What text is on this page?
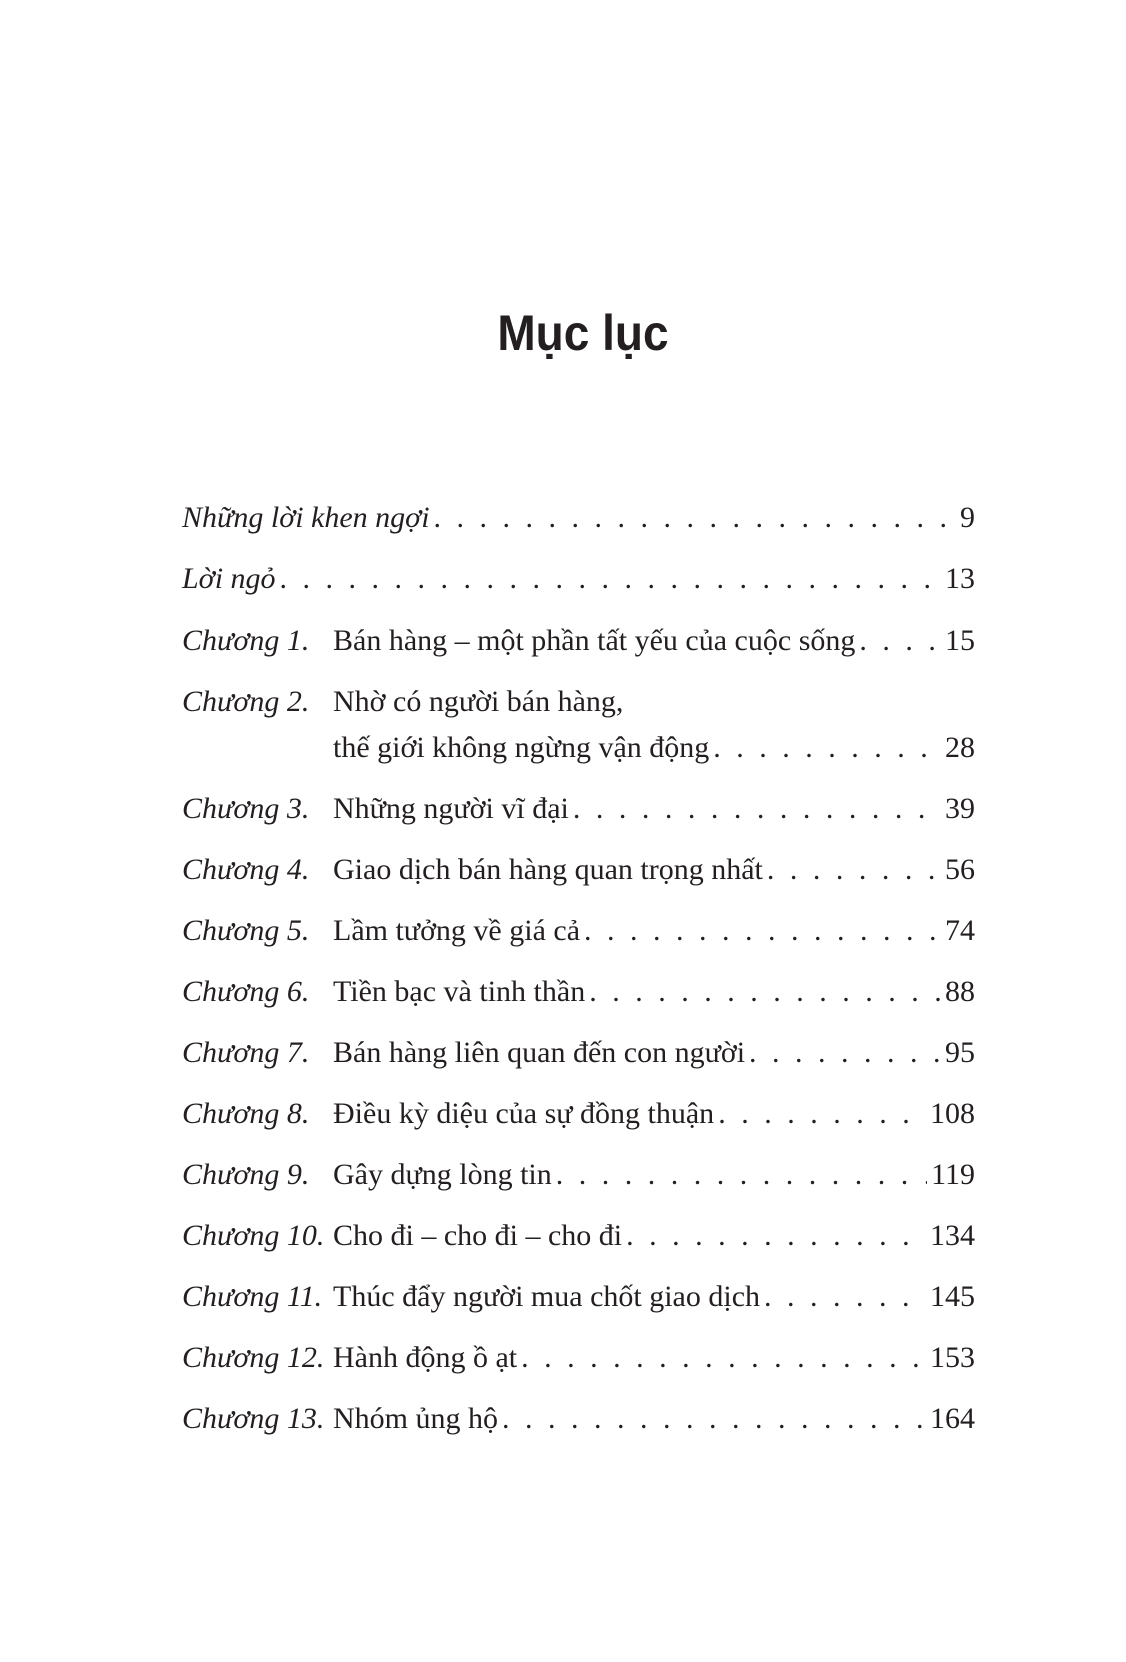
Mục lục
Những lời khen ngợi . . .	9
Lời ngỏ . . .	13
Chương 1. Bán hàng – một phần tất yếu của cuộc sống . . .	15
Chương 2. Nhờ có người bán hàng,
thế giới không ngừng vận động . . .	28
Chương 3. Những người vĩ đại . . .	39
Chương 4. Giao dịch bán hàng quan trọng nhất . . .	56
Chương 5. Lầm tưởng về giá cả . . .	74
Chương 6. Tiền bạc và tinh thần . . .	88
Chương 7. Bán hàng liên quan đến con người . . .	95
Chương 8. Điều kỳ diệu của sự đồng thuận . . .	108
Chương 9. Gây dựng lòng tin . . .	119
Chương 10. Cho đi – cho đi – cho đi . . .	134
Chương 11. Thúc đẩy người mua chốt giao dịch . . .	145
Chương 12. Hành động ồ ạt . . .	153
Chương 13. Nhóm ủng hộ . . .	164
